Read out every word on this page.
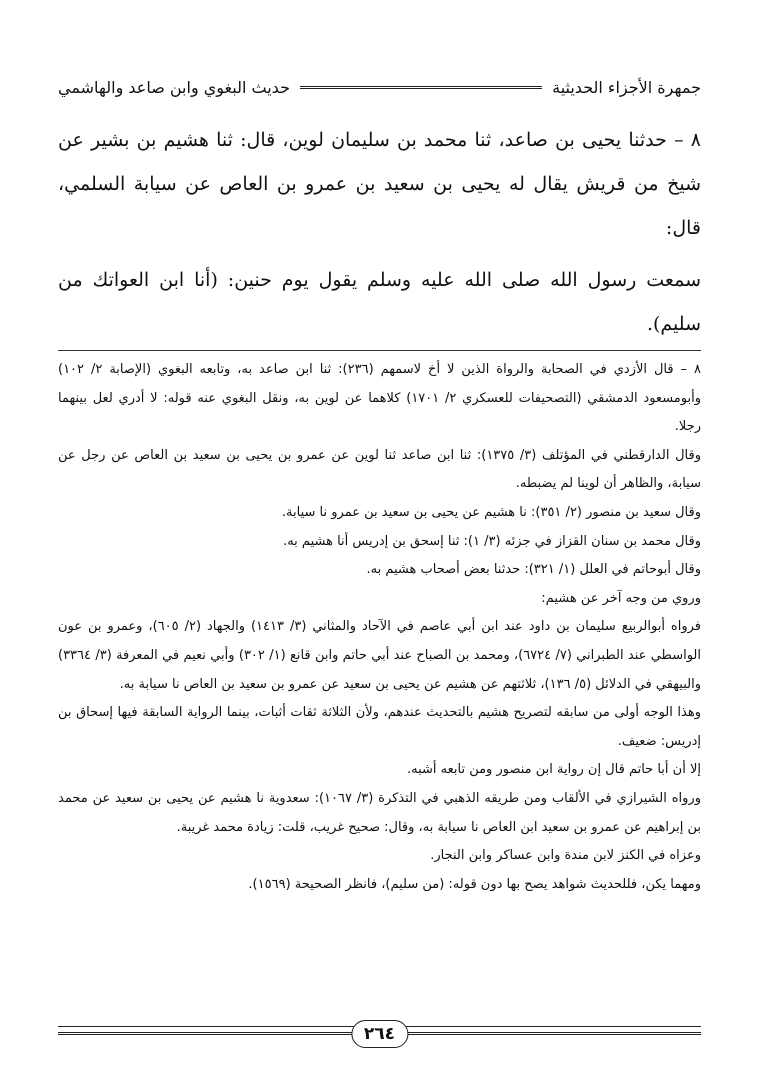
جمهرة الأجزاء الحديثية
حديث البغوي وابن صاعد والهاشمي

٨ – حدثنا يحيى بن صاعد، ثنا محمد بن سليمان لوين، قال: ثنا هشيم بن بشير عن شيخ من قريش يقال له يحيى بن سعيد بن عمرو بن العاص عن سيابة السلمي، قال:

سمعت رسول الله صلى الله عليه وسلم يقول يوم حنين: (أنا ابن العواتك من سليم).

٨ – قال الأزدي في الصحابة والرواة الذين لا أخ لاسمهم (٢٣٦): ثنا ابن صاعد به، وتابعه البغوي (الإصابة ٢/ ١٠٢) وأبومسعود الدمشقي (التصحيفات للعسكري ٢/ ١٧٠١) كلاهما عن لوين به، ونقل البغوي عنه قوله: لا أدري لعل بينهما رجلا.

وقال الدارقطني في المؤتلف (٣/ ١٣٧٥): ثنا ابن صاعد ثنا لوين عن عمرو بن يحيى بن سعيد بن العاص عن رجل عن سيابة، والظاهر أن لوينا لم يضبطه.

وقال سعيد بن منصور (٢/ ٣٥١): نا هشيم عن يحيى بن سعيد بن عمرو نا سيابة.

وقال محمد بن سنان القزاز في جزئه (٣/ ١): ثنا إسحق بن إدريس أنا هشيم به.

وقال أبوحاتم في العلل (١/ ٣٢١): حدثنا بعض أصحاب هشيم به.

وروي من وجه آخر عن هشيم:

فرواه أبوالربيع سليمان بن داود عند ابن أبي عاصم في الآحاد والمثاني (٣/ ١٤١٣) والجهاد (٢/ ٦٠٥)، وعمرو بن عون الواسطي عند الطبراني (٧/ ٦٧٢٤)، ومحمد بن الصباح عند أبي حاتم وابن قانع (١/ ٣٠٢) وأبي نعيم في المعرفة (٣/ ٣٣٦٤) والبيهقي في الدلائل (٥/ ١٣٦)، ثلاثتهم عن هشيم عن يحيى بن سعيد عن عمرو بن سعيد بن العاص نا سيابة به.

وهذا الوجه أولى من سابقه لتصريح هشيم بالتحديث عندهم، ولأن الثلاثة ثقات أثبات، بينما الرواية السابقة فيها إسحاق بن إدريس: ضعيف.

إلا أن أبا حاتم قال إن رواية ابن منصور ومن تابعه أشبه.

ورواه الشيرازي في الألقاب ومن طريقه الذهبي في التذكرة (٣/ ١٠٦٧): سعدوية نا هشيم عن يحيى بن سعيد عن محمد بن إبراهيم عن عمرو بن سعيد ابن العاص نا سيابة به، وقال: صحيح غريب، قلت: زيادة محمد غريبة.

وعزاه في الكنز لابن مندة وابن عساكر وابن النجار.

ومهما يكن، فللحديث شواهد يصح بها دون قوله: (من سليم)، فانظر الصحيحة (١٥٦٩).

٢٦٤
